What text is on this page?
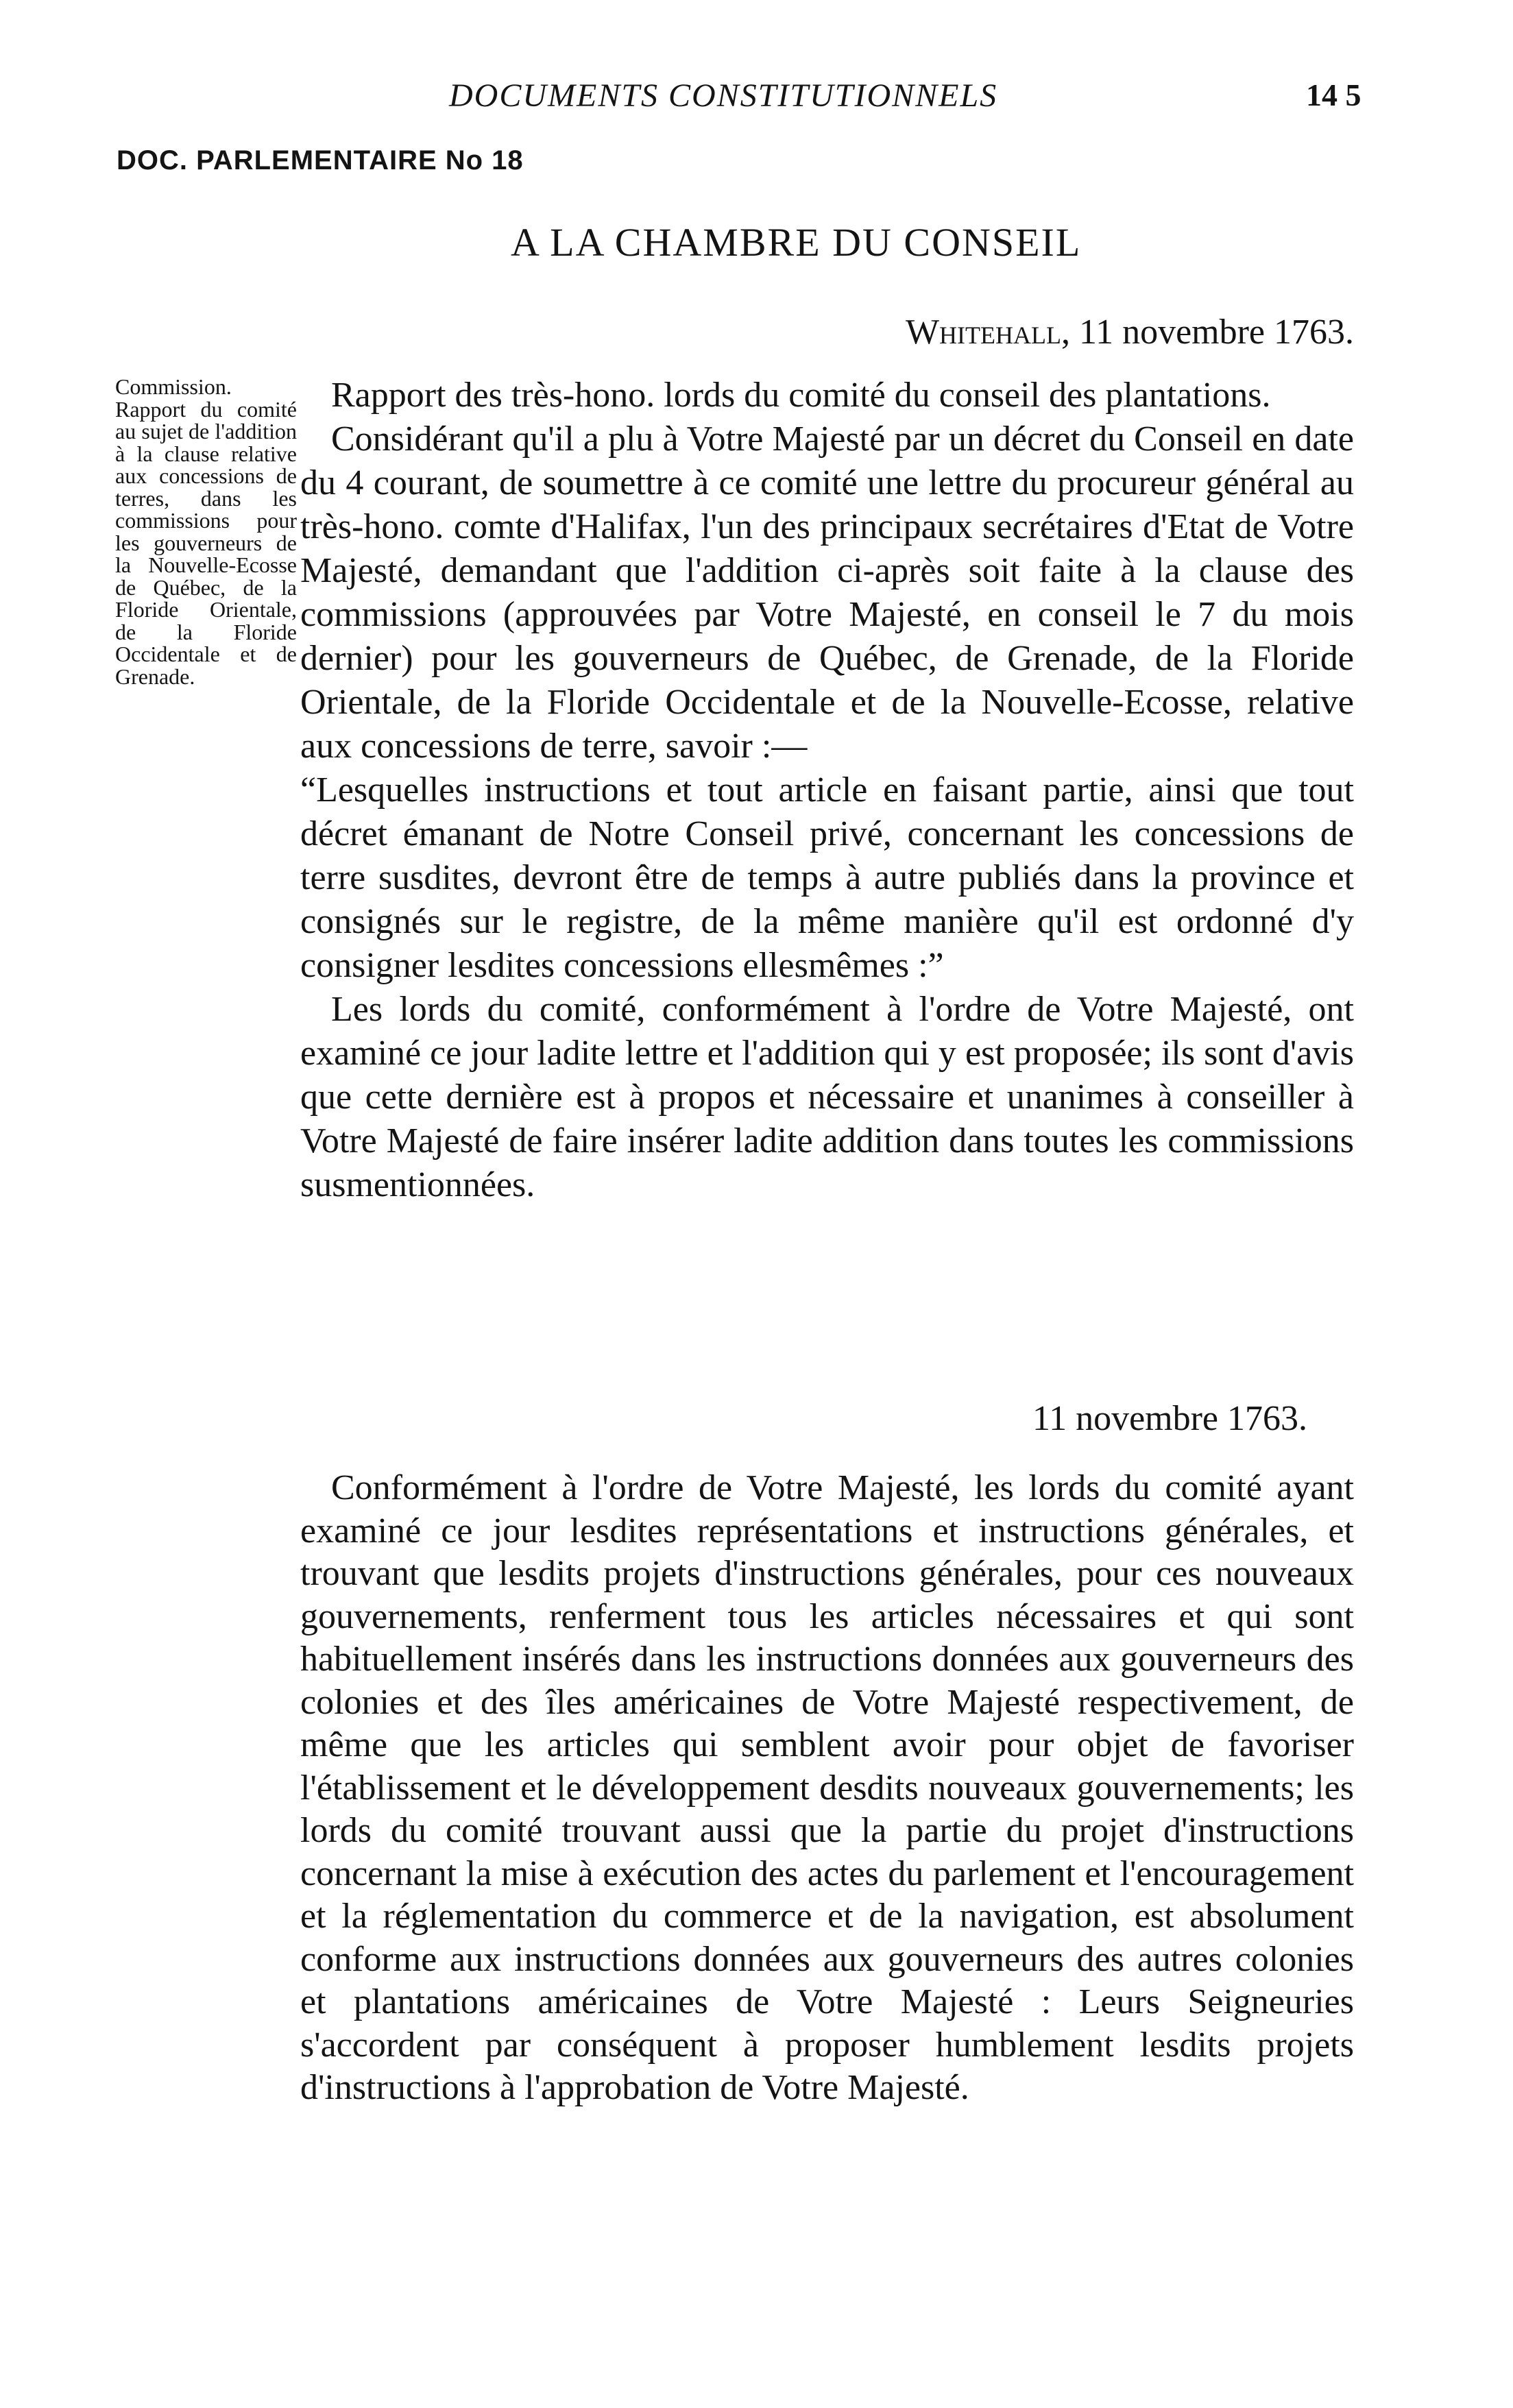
DOCUMENTS CONSTITUTIONNELS	14 5
DOC. PARLEMENTAIRE No 18
A LA CHAMBRE DU CONSEIL
Whitehall, 11 novembre 1763.
Commission. Rapport du comité au sujet de l'addition à la clause relative aux concessions de terres, dans les commissions pour les gouverneurs de la Nouvelle-Ecosse de Québec, de la Floride Orientale, de la Floride Occidentale et de Grenade.

Rapport des très-hono. lords du comité du conseil des plantations.

Considérant qu'il a plu à Votre Majesté par un décret du Conseil en date du 4 courant, de soumettre à ce comité une lettre du procureur général au très-hono. comte d'Halifax, l'un des principaux secrétaires d'Etat de Votre Majesté, demandant que l'addition ci-après soit faite à la clause des commissions (approuvées par Votre Majesté, en conseil le 7 du mois dernier) pour les gouverneurs de Québec, de Grenade, de la Floride Orientale, de la Floride Occidentale et de la Nouvelle-Ecosse, relative aux concessions de terre, savoir :—

“Lesquelles instructions et tout article en faisant partie, ainsi que tout décret émanant de Notre Conseil privé, concernant les concessions de terre susdites, devront être de temps à autre publiés dans la province et consignés sur le registre, de la même manière qu'il est ordonné d'y consigner lesdites concessions ellesmêmes :”

Les lords du comité, conformément à l'ordre de Votre Majesté, ont examiné ce jour ladite lettre et l'addition qui y est proposée; ils sont d'avis que cette dernière est à propos et nécessaire et unanimes à conseiller à Votre Majesté de faire insérer ladite addition dans toutes les commissions susmentionnées.

11 novembre 1763.

Conformément à l'ordre de Votre Majesté, les lords du comité ayant examiné ce jour lesdites représentations et instructions générales, et trouvant que lesdits projets d'instructions générales, pour ces nouveaux gouvernements, renferment tous les articles nécessaires et qui sont habituellement insérés dans les instructions données aux gouverneurs des colonies et des îles américaines de Votre Majesté respectivement, de même que les articles qui semblent avoir pour objet de favoriser l'établissement et le développement desdits nouveaux gouvernements; les lords du comité trouvant aussi que la partie du projet d'instructions concernant la mise à exécution des actes du parlement et l'encouragement et la réglementation du commerce et de la navigation, est absolument conforme aux instructions données aux gouverneurs des autres colonies et plantations américaines de Votre Majesté : Leurs Seigneuries s'accordent par conséquent à proposer humblement lesdits projets d'instructions à l'approbation de Votre Majesté.
